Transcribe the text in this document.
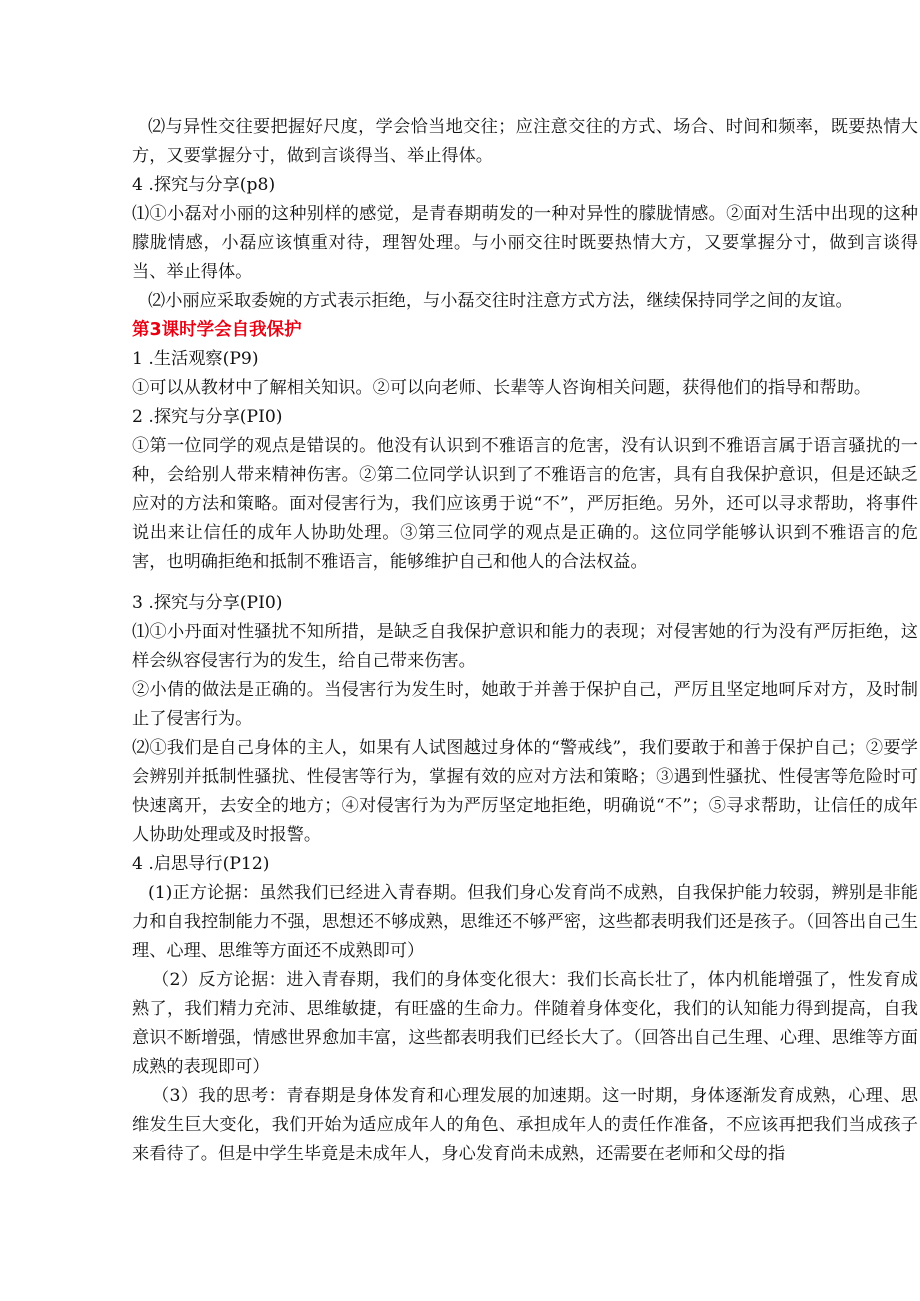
⑵与异性交往要把握好尺度，学会恰当地交往；应注意交往的方式、场合、时间和频率，既要热情大方，又要掌握分寸，做到言谈得当、举止得体。

4 .探究与分享(p8)

⑴①小磊对小丽的这种别样的感觉，是青春期萌发的一种对异性的朦胧情感。②面对生活中出现的这种朦胧情感，小磊应该慎重对待，理智处理。与小丽交往时既要热情大方，又要掌握分寸，做到言谈得当、举止得体。

⑵小丽应采取委婉的方式表示拒绝，与小磊交往时注意方式方法，继续保持同学之间的友谊。

第3课时学会自我保护

1 .生活观察(P9)

①可以从教材中了解相关知识。②可以向老师、长辈等人咨询相关问题，获得他们的指导和帮助。

2 .探究与分享(PI0)

①第一位同学的观点是错误的。他没有认识到不雅语言的危害，没有认识到不雅语言属于语言骚扰的一种，会给别人带来精神伤害。②第二位同学认识到了不雅语言的危害，具有自我保护意识，但是还缺乏应对的方法和策略。面对侵害行为，我们应该勇于说“不”，严厉拒绝。另外，还可以寻求帮助，将事件说出来让信任的成年人协助处理。③第三位同学的观点是正确的。这位同学能够认识到不雅语言的危害，也明确拒绝和抵制不雅语言，能够维护自己和他人的合法权益。

3 .探究与分享(PI0)

⑴①小丹面对性骚扰不知所措，是缺乏自我保护意识和能力的表现；对侵害她的行为没有严厉拒绝，这样会纵容侵害行为的发生，给自己带来伤害。

②小倩的做法是正确的。当侵害行为发生时，她敢于并善于保护自己，严厉且坚定地呵斥对方，及时制止了侵害行为。

⑵①我们是自己身体的主人，如果有人试图越过身体的“警戒线”，我们要敢于和善于保护自己；②要学会辨别并抵制性骚扰、性侵害等行为，掌握有效的应对方法和策略；③遇到性骚扰、性侵害等危险时可快速离开，去安全的地方；④对侵害行为为严厉坚定地拒绝，明确说“不”；⑤寻求帮助，让信任的成年人协助处理或及时报警。

4 .启思导行(P12)

(1)正方论据：虽然我们已经进入青春期。但我们身心发育尚不成熟，自我保护能力较弱，辨别是非能力和自我控制能力不强，思想还不够成熟，思维还不够严密，这些都表明我们还是孩子。（回答出自己生理、心理、思维等方面还不成熟即可）

（2）反方论据：进入青春期，我们的身体变化很大：我们长高长壮了，体内机能增强了，性发育成熟了，我们精力充沛、思维敏捷，有旺盛的生命力。伴随着身体变化，我们的认知能力得到提高，自我意识不断增强，情感世界愈加丰富，这些都表明我们已经长大了。（回答出自己生理、心理、思维等方面成熟的表现即可）

（3）我的思考：青春期是身体发育和心理发展的加速期。这一时期，身体逐渐发育成熟，心理、思维发生巨大变化，我们开始为适应成年人的角色、承担成年人的责任作准备，不应该再把我们当成孩子来看待了。但是中学生毕竟是未成年人，身心发育尚未成熟，还需要在老师和父母的指
